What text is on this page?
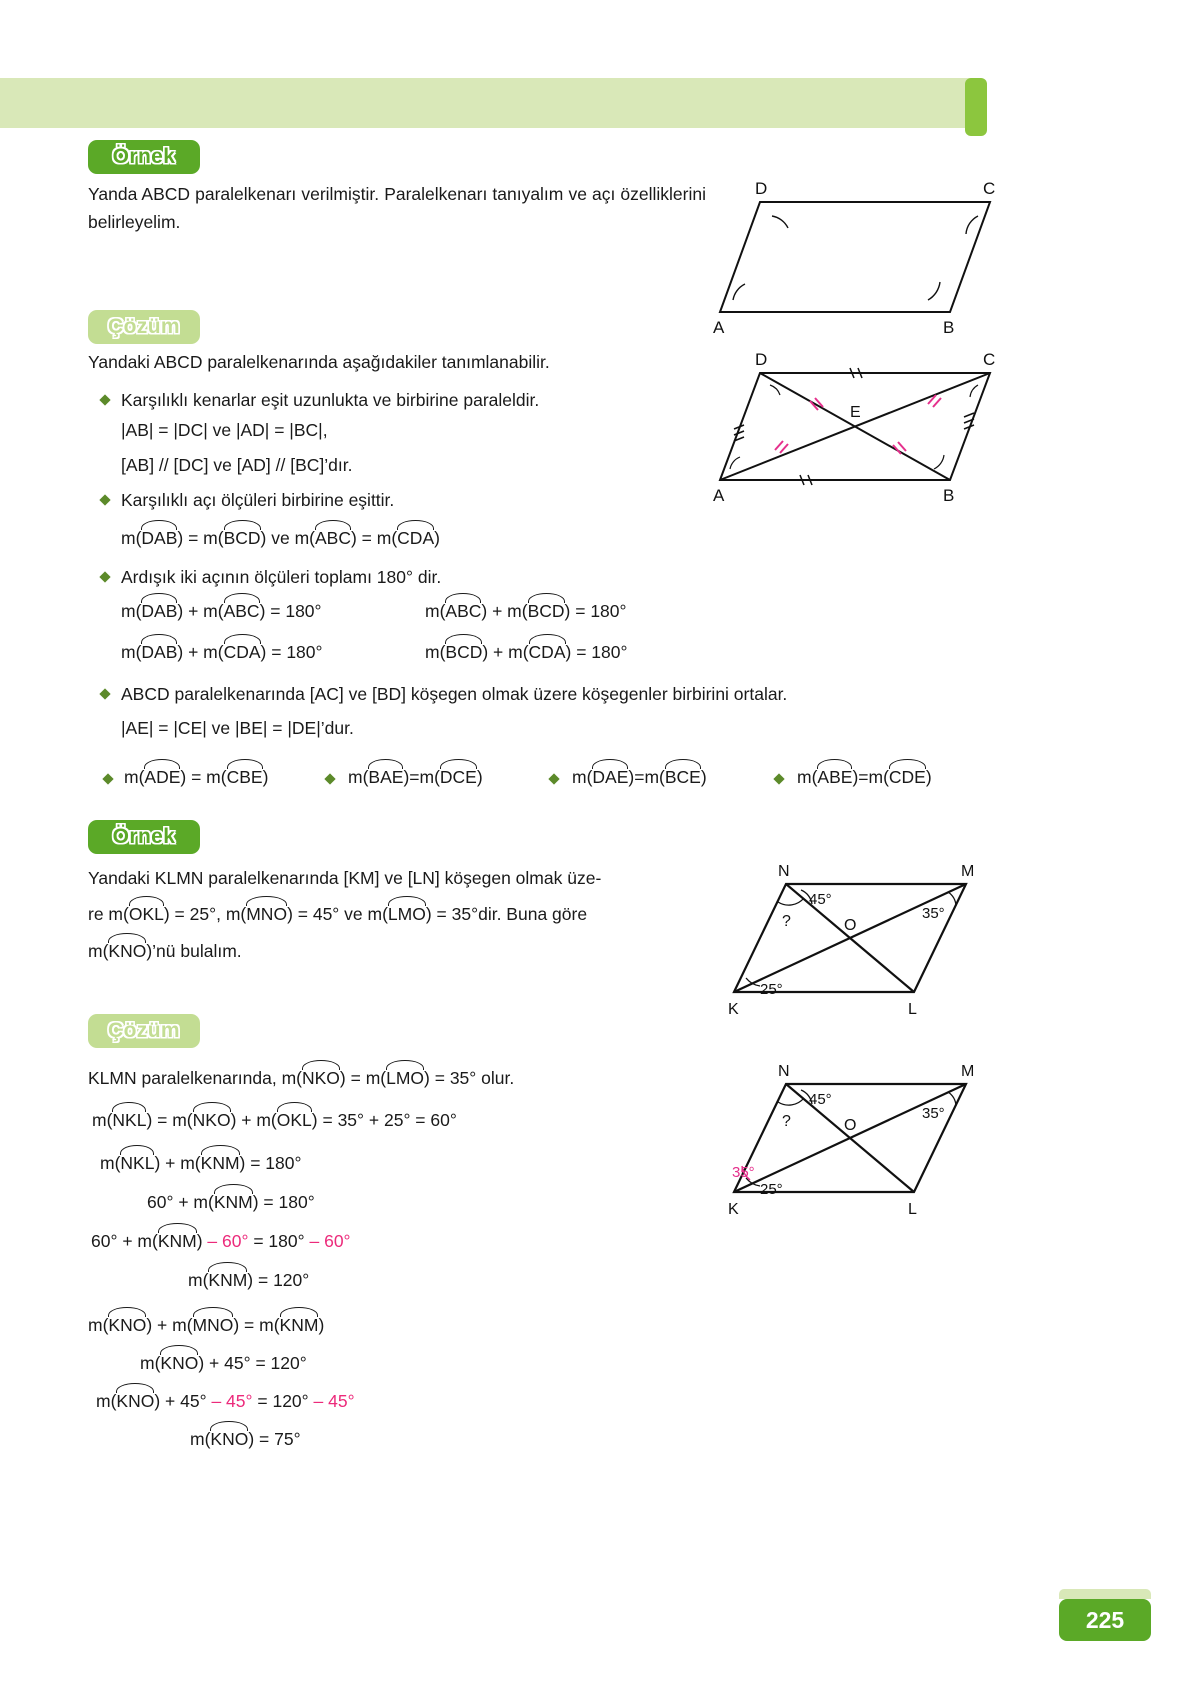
Örnek
Yanda ABCD paralelkenarı verilmiştir. Paralelkenarı tanıyalım ve açı özelliklerini belirleyelim.
D	C
A	B
Çözüm
Yandaki ABCD paralelkenarında aşağıdakiler tanımlanabilir.	D	C
A	B
E
Karşılıklı kenarlar eşit uzunlukta ve birbirine paraleldir.
|AB| = |DC| ve |AD| = |BC|,
[AB] // [DC] ve [AD] // [BC]’dır.
Karşılıklı açı ölçüleri birbirine eşittir.
m(
DAB) = m(
BCD) ve m(
ABC) = m(
CDA)
Ardışık iki açının ölçüleri toplamı 180° dir.
m(
DAB) + m(
ABC) = 180°	m(
ABC) + m(
BCD) = 180°
m(
DAB) + m(
CDA) = 180°	m(
BCD) + m(
CDA) = 180°
ABCD paralelkenarında [AC] ve [BD] köşegen olmak üzere köşegenler birbirini ortalar.
|AE| = |CE| ve |BE| = |DE|’dur.
m(
ADE) = m(
CBE)	m(
BAE)=m(
DCE)	m(
DAE)=m(
BCE)	m(
ABE)=m(
CDE)
Örnek
Yandaki KLMN paralelkenarında [KM] ve [LN] köşegen olmak üze-
re m(
OKL) = 25°, m(
MNO) = 45° ve m(
LMO) = 35°dir. Buna göre
m(
KNO)’nü bulalım.
N	M
K	L
O
45°
35°
25°
?
Çözüm
KLMN paralelkenarında, m(
NKO) = m(
LMO) = 35° olur.	N	M
K	L
O
45°
35°
25°
?
35°
m(
NKL) = m(
NKO) + m(
OKL) = 35° + 25° = 60°
m(
NKL) + m(
KNM) = 180°
60° + m(
KNM) = 180°
60° + m(
KNM) – 60° = 180° – 60°
m(
KNM) = 120°
m(
KNO) + m(
MNO) = m(
KNM)
m(
KNO) + 45° = 120°
m(
KNO) + 45° – 45° = 120° – 45°
m(
KNO) = 75°
225
